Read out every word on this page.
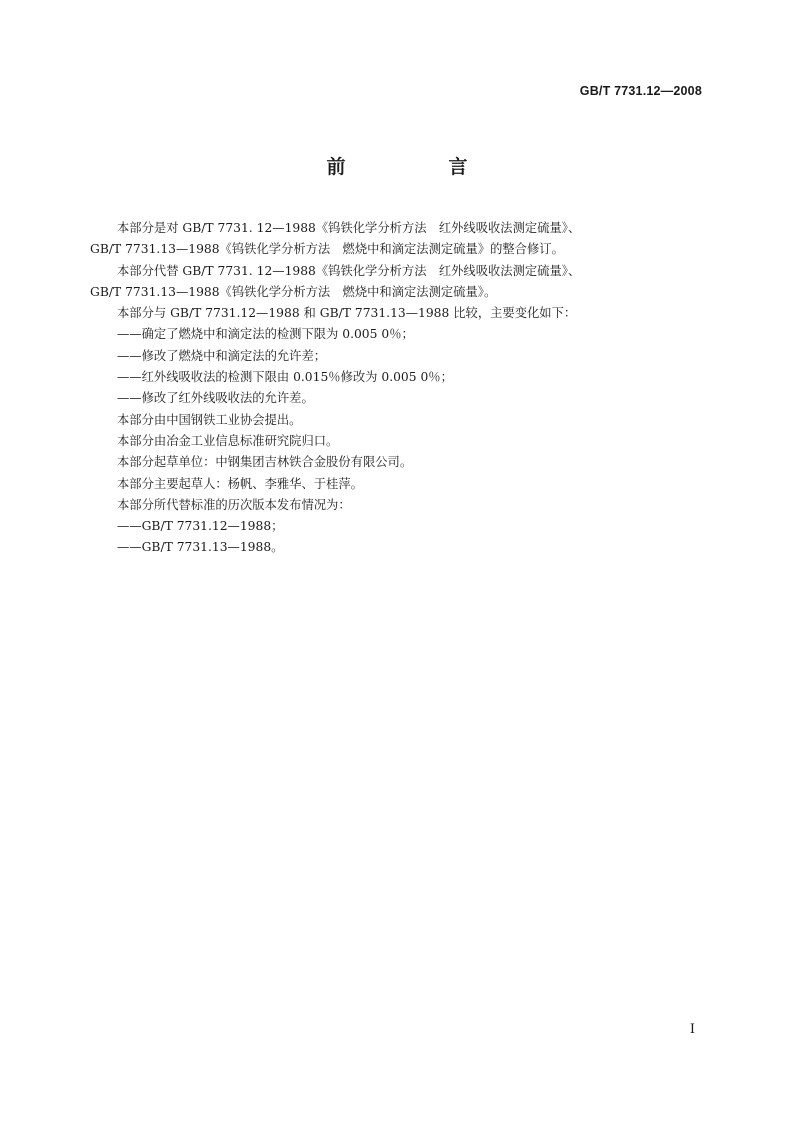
GB/T 7731.12—2008
前　言

本部分是对 GB/T 7731. 12—1988《钨铁化学分析方法　红外线吸收法测定硫量》、

GB/T 7731.13—1988《钨铁化学分析方法　燃烧中和滴定法测定硫量》的整合修订。

本部分代替 GB/T 7731. 12—1988《钨铁化学分析方法　红外线吸收法测定硫量》、

GB/T 7731.13—1988《钨铁化学分析方法　燃烧中和滴定法测定硫量》。

本部分与 GB/T 7731.12—1988 和 GB/T 7731.13—1988 比较，主要变化如下：

——确定了燃烧中和滴定法的检测下限为 0.005 0％；

——修改了燃烧中和滴定法的允许差；

——红外线吸收法的检测下限由 0.015％修改为 0.005 0％；

——修改了红外线吸收法的允许差。

本部分由中国钢铁工业协会提出。

本部分由冶金工业信息标准研究院归口。

本部分起草单位：中钢集团吉林铁合金股份有限公司。

本部分主要起草人：杨帆、李雅华、于桂萍。

本部分所代替标准的历次版本发布情况为：

——GB/T 7731.12—1988；

——GB/T 7731.13—1988。

I
